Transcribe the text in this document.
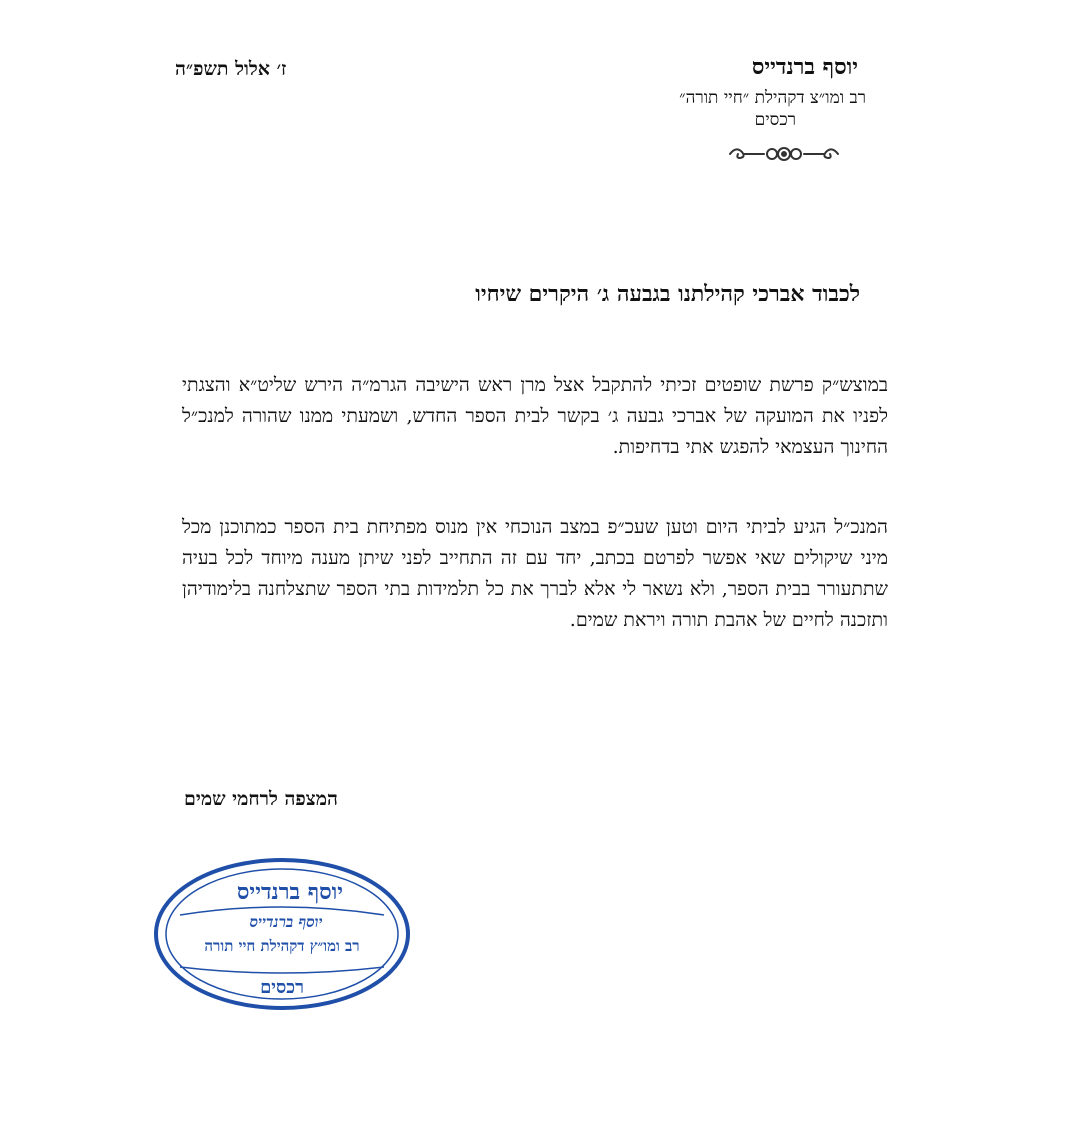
יוסף ברנדייס
רב ומו״צ דקהילת ״חיי תורה״
רכסים
ז׳ אלול תשפ״ה
לכבוד אברכי קהילתנו בגבעה ג׳ היקרים שיחיו
במוצש״ק פרשת שופטים זכיתי להתקבל אצל מרן ראש הישיבה הגרמ״ה הירש שליט״א והצגתי לפניו את המועקה של אברכי גבעה ג׳ בקשר לבית הספר החדש, ושמעתי ממנו שהורה למנכ״ל החינוך העצמאי להפגש אתי בדחיפות.
המנכ״ל הגיע לביתי היום וטען שעכ״פ במצב הנוכחי אין מנוס מפתיחת בית הספר כמתוכנן מכל מיני שיקולים שאי אפשר לפרטם בכתב, יחד עם זה התחייב לפני שיתן מענה מיוחד לכל בעיה שתתעורר בבית הספר, ולא נשאר לי אלא לברך את כל תלמידות בתי הספר שתצלחנה בלימודיהן ותזכנה לחיים של אהבת תורה ויראת שמים.
המצפה לרחמי שמים
יוסף ברנדייס
יוסף ברנדייס
רב ומו״ץ דקהילת חיי תורה
רכסים
